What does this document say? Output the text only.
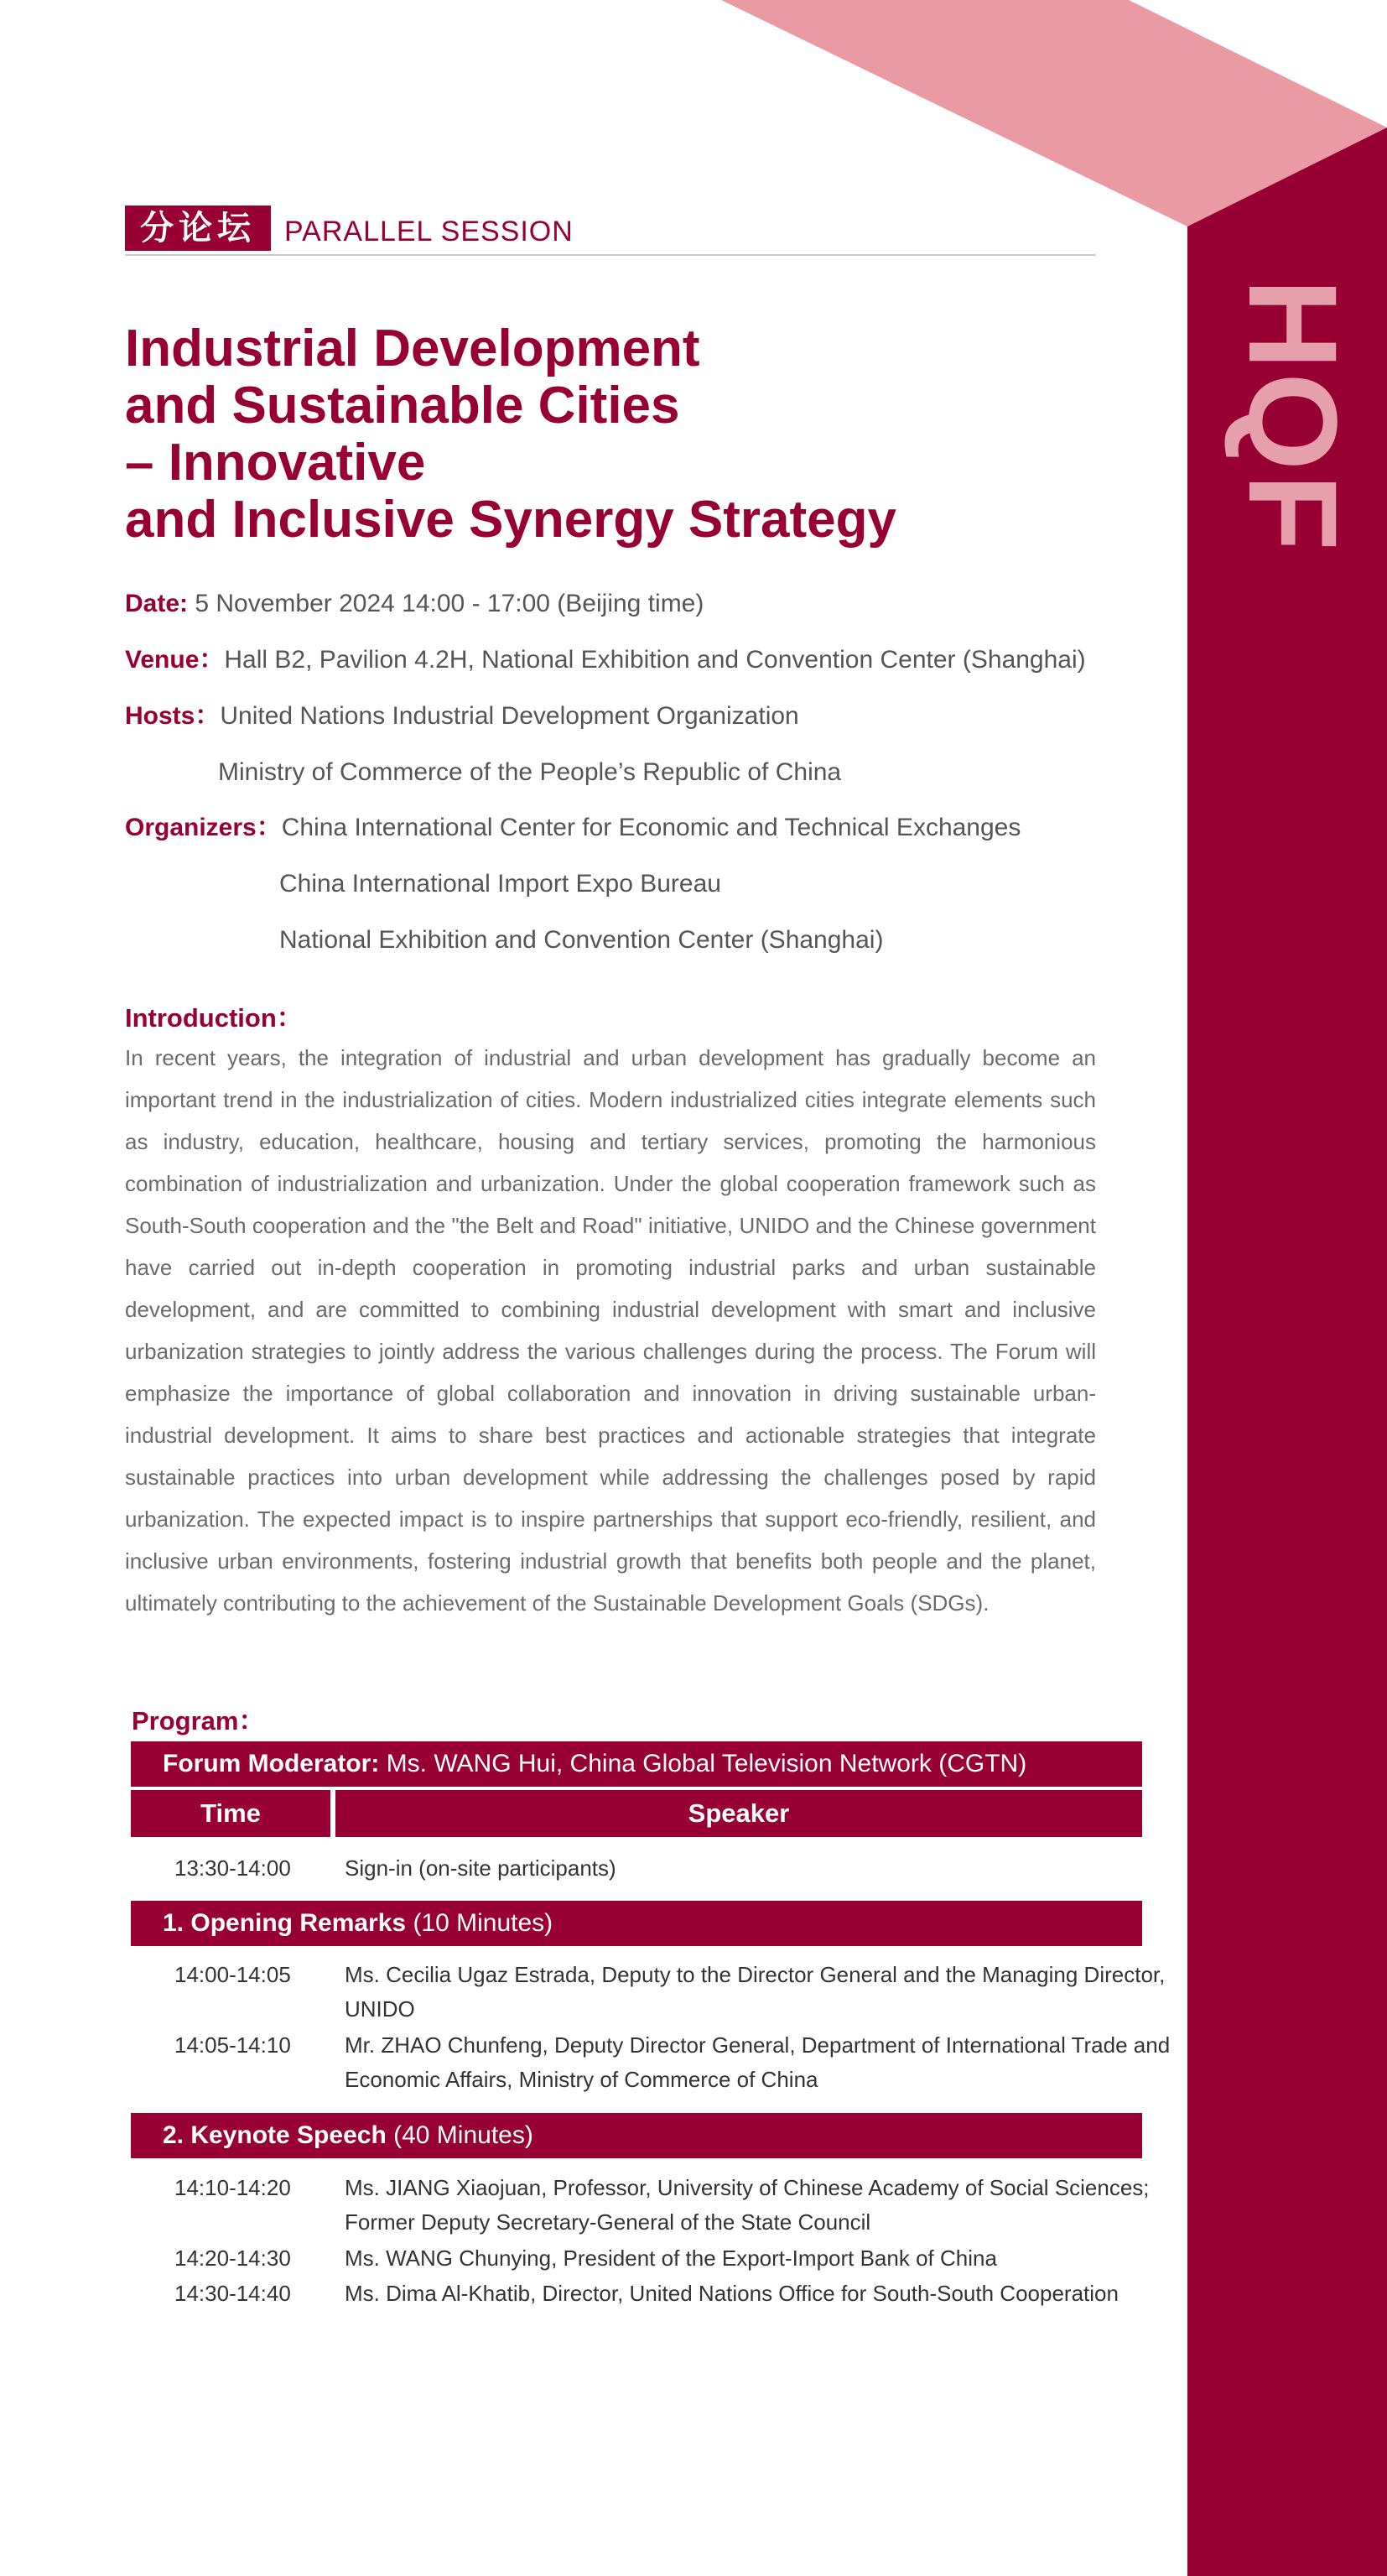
HQF
分论坛	PARALLEL SESSION
Industrial Development
and Sustainable Cities
– Innovative
and Inclusive Synergy Strategy
Date: 5 November 2024 14:00 - 17:00 (Beijing time)
Venue：Hall B2, Pavilion 4.2H, National Exhibition and Convention Center (Shanghai)
Hosts：United Nations Industrial Development Organization
Ministry of Commerce of the People’s Republic of China
Organizers：China International Center for Economic and Technical Exchanges
China International Import Expo Bureau
National Exhibition and Convention Center (Shanghai)
Introduction：

In recent years, the integration of industrial and urban development has gradually become an important trend in the industrialization of cities. Modern industrialized cities integrate elements such as industry, education, healthcare, housing and tertiary services, promoting the harmonious combination of industrialization and urbanization. Under the global cooperation framework such as South-South cooperation and the "the Belt and Road" initiative, UNIDO and the Chinese government have carried out in-depth cooperation in promoting industrial parks and urban sustainable development, and are committed to combining industrial development with smart and inclusive urbanization strategies to jointly address the various challenges during the process. The Forum will emphasize the importance of global collaboration and innovation in driving sustainable urban-industrial development. It aims to share best practices and actionable strategies that integrate sustainable practices into urban development while addressing the challenges posed by rapid urbanization. The expected impact is to inspire partnerships that support eco-friendly, resilient, and inclusive urban environments, fostering industrial growth that benefits both people and the planet, ultimately contributing to the achievement of the Sustainable Development Goals (SDGs).

Program：
Forum Moderator: Ms. WANG Hui, China Global Television Network (CGTN)
Time	Speaker
13:30-14:00 Sign-in (on-site participants)
1. Opening Remarks (10 Minutes)
14:00-14:05 Ms. Cecilia Ugaz Estrada, Deputy to the Director General and the Managing Director, UNIDO
14:05-14:10 Mr. ZHAO Chunfeng, Deputy Director General, Department of International Trade and Economic Affairs, Ministry of Commerce of China
2. Keynote Speech (40 Minutes)
14:10-14:20 Ms. JIANG Xiaojuan, Professor, University of Chinese Academy of Social Sciences; Former Deputy Secretary-General of the State Council
14:20-14:30 Ms. WANG Chunying, President of the Export-Import Bank of China
14:30-14:40 Ms. Dima Al-Khatib, Director, United Nations Office for South-South Cooperation
